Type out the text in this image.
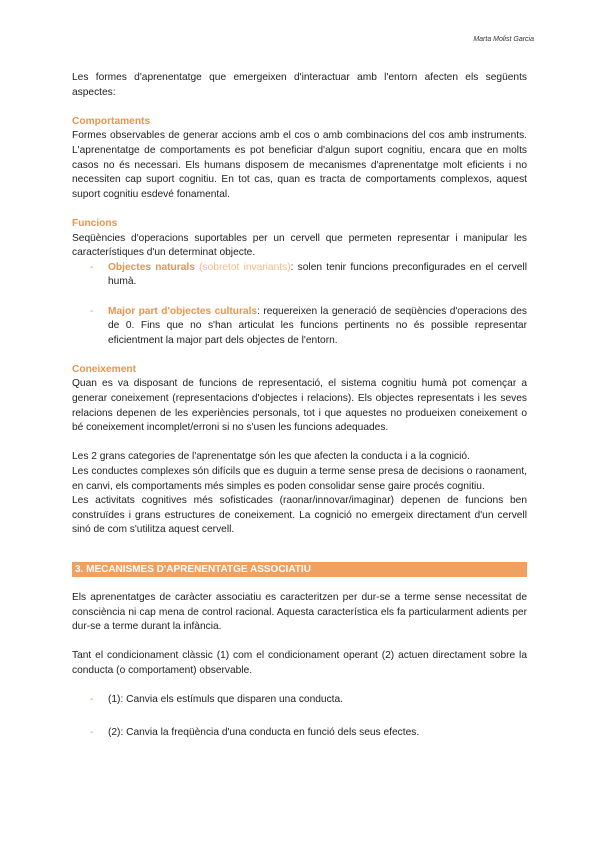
Marta Molist Garcia

Les formes d'aprenentatge que emergeixen d'interactuar amb l'entorn afecten els següents aspectes:

Comportaments

Formes observables de generar accions amb el cos o amb combinacions del cos amb instruments. L'aprenentatge de comportaments es pot beneficiar d'algun suport cognitiu, encara que en molts casos no és necessari. Els humans disposem de mecanismes d'aprenentatge molt eficients i no necessiten cap suport cognitiu. En tot cas, quan es tracta de comportaments complexos, aquest suport cognitiu esdevé fonamental.

Funcions

Seqüències d'operacions suportables per un cervell que permeten representar i manipular les característiques d'un determinat objecte.

- Objectes naturals (sobretot invariants): solen tenir funcions preconfigurades en el cervell humà.
- Major part d'objectes culturals: requereixen la generació de seqüències d'operacions des de 0. Fins que no s'han articulat les funcions pertinents no és possible representar eficientment la major part dels objectes de l'entorn.

Coneixement

Quan es va disposant de funcions de representació, el sistema cognitiu humà pot començar a generar coneixement (representacions d'objectes i relacions). Els objectes representats i les seves relacions depenen de les experiències personals, tot i que aquestes no produeixen coneixement o bé coneixement incomplet/erroni si no s'usen les funcions adequades.

Les 2 grans categories de l'aprenentatge són les que afecten la conducta i a la cognició.

Les conductes complexes són difícils que es duguin a terme sense presa de decisions o raonament, en canvi, els comportaments més simples es poden consolidar sense gaire procés cognitiu.

Les activitats cognitives més sofisticades (raonar/innovar/imaginar) depenen de funcions ben construïdes i grans estructures de coneixement. La cognició no emergeix directament d'un cervell sinó de com s'utilitza aquest cervell.

3. MECANISMES D'APRENENTATGE ASSOCIATIU

Els aprenentatges de caràcter associatiu es caracteritzen per dur-se a terme sense necessitat de consciència ni cap mena de control racional. Aquesta característica els fa particularment adients per dur-se a terme durant la infància.

Tant el condicionament clàssic (1) com el condicionament operant (2) actuen directament sobre la conducta (o comportament) observable.

- (1): Canvia els estímuls que disparen una conducta.
- (2): Canvia la freqüència d'una conducta en funció dels seus efectes.
